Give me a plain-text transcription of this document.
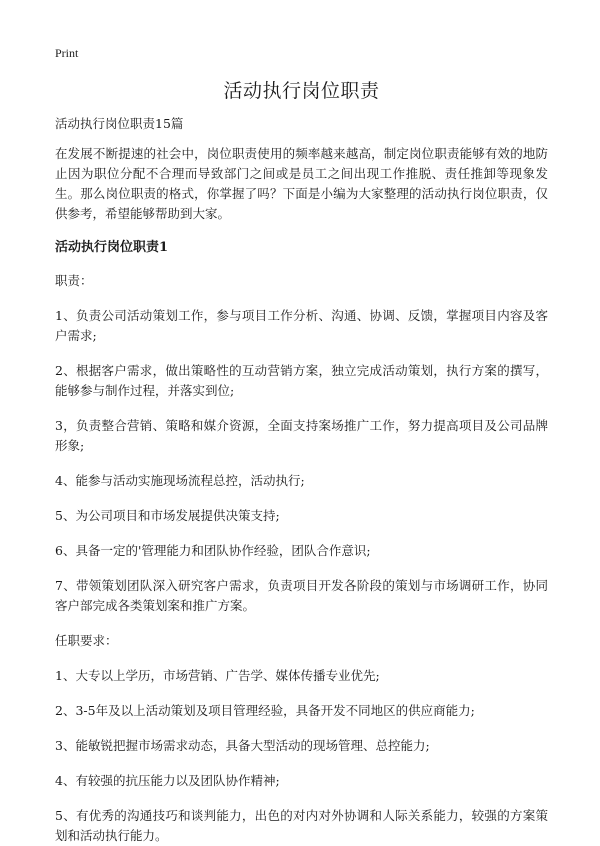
Print

活动执行岗位职责

活动执行岗位职责15篇

在发展不断提速的社会中，岗位职责使用的频率越来越高，制定岗位职责能够有效的地防止因为职位分配不合理而导致部门之间或是员工之间出现工作推脱、责任推卸等现象发生。那么岗位职责的格式，你掌握了吗？下面是小编为大家整理的活动执行岗位职责，仅供参考，希望能够帮助到大家。

活动执行岗位职责1

职责：

1、负责公司活动策划工作，参与项目工作分析、沟通、协调、反馈，掌握项目内容及客户需求;

2、根据客户需求，做出策略性的互动营销方案，独立完成活动策划，执行方案的撰写，能够参与制作过程，并落实到位;

3，负责整合营销、策略和媒介资源，全面支持案场推广工作，努力提高项目及公司品牌形象;

4、能参与活动实施现场流程总控，活动执行;

5、为公司项目和市场发展提供决策支持;

6、具备一定的'管理能力和团队协作经验，团队合作意识;

7、带领策划团队深入研究客户需求，负责项目开发各阶段的策划与市场调研工作，协同客户部完成各类策划案和推广方案。

任职要求：

1、大专以上学历，市场营销、广告学、媒体传播专业优先;

2、3-5年及以上活动策划及项目管理经验，具备开发不同地区的供应商能力;

3、能敏锐把握市场需求动态，具备大型活动的现场管理、总控能力;

4、有较强的抗压能力以及团队协作精神;

5、有优秀的沟通技巧和谈判能力，出色的对内对外协调和人际关系能力，较强的方案策划和活动执行能力。
